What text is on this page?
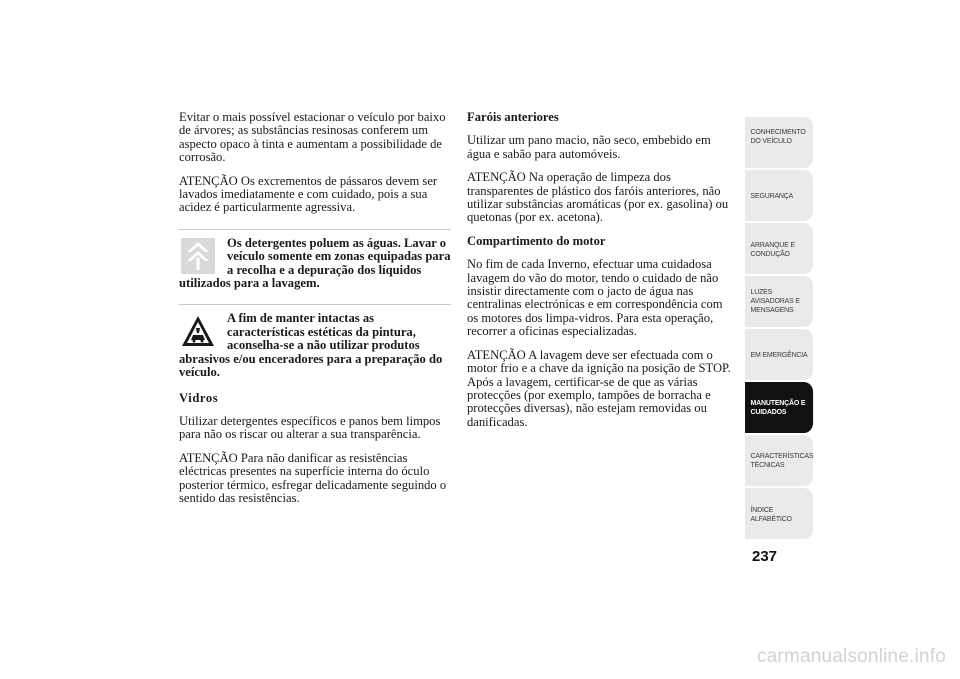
Evitar o mais possível estacionar o veículo por baixo de árvores; as substâncias resinosas conferem um aspecto opaco à tinta e aumentam a possibilidade de corrosão.

ATENÇÃO Os excrementos de pássaros devem ser lavados imediatamente e com cuidado, pois a sua acidez é particularmente agressiva.

Os detergentes poluem as águas. Lavar o veículo somente em zonas equipadas para a recolha e a depuração dos líquidos utilizados para a lavagem.

A fim de manter intactas as características estéticas da pintura, aconselha-se a não utilizar produtos abrasivos e/ou enceradores para a preparação do veículo.

Vidros

Utilizar detergentes específicos e panos bem limpos para não os riscar ou alterar a sua transparência.

ATENÇÃO Para não danificar as resistências eléctricas presentes na superfície interna do óculo posterior térmico, esfregar delicadamente seguindo o sentido das resistências.

Faróis anteriores

Utilizar um pano macio, não seco, embebido em água e sabão para automóveis.

ATENÇÃO Na operação de limpeza dos transparentes de plástico dos faróis anteriores, não utilizar substâncias aromáticas (por ex. gasolina) ou quetonas (por ex. acetona).

Compartimento do motor

No fim de cada Inverno, efectuar uma cuidadosa lavagem do vão do motor, tendo o cuidado de não insistir directamente com o jacto de água nas centralinas electrónicas e em correspondência com os motores dos limpa-vidros. Para esta operação, recorrer a oficinas especializadas.

ATENÇÃO A lavagem deve ser efectuada com o motor frio e a chave da ignição na posição de STOP. Após a lavagem, certificar-se de que as várias protecções (por exemplo, tampões de borracha e protecções diversas), não estejam removidas ou danificadas.

CONHECIMENTO
DO VEÍCULO
SEGURANÇA
ARRANQUE E
CONDUÇÃO
LUZES
AVISADORAS E
MENSAGENS
EM EMERGÊNCIA
MANUTENÇÃO E
CUIDADOS
CARACTERÍSTICAS
TÉCNICAS
ÍNDICE
ALFABÉTICO
237
carmanualsonline.info
